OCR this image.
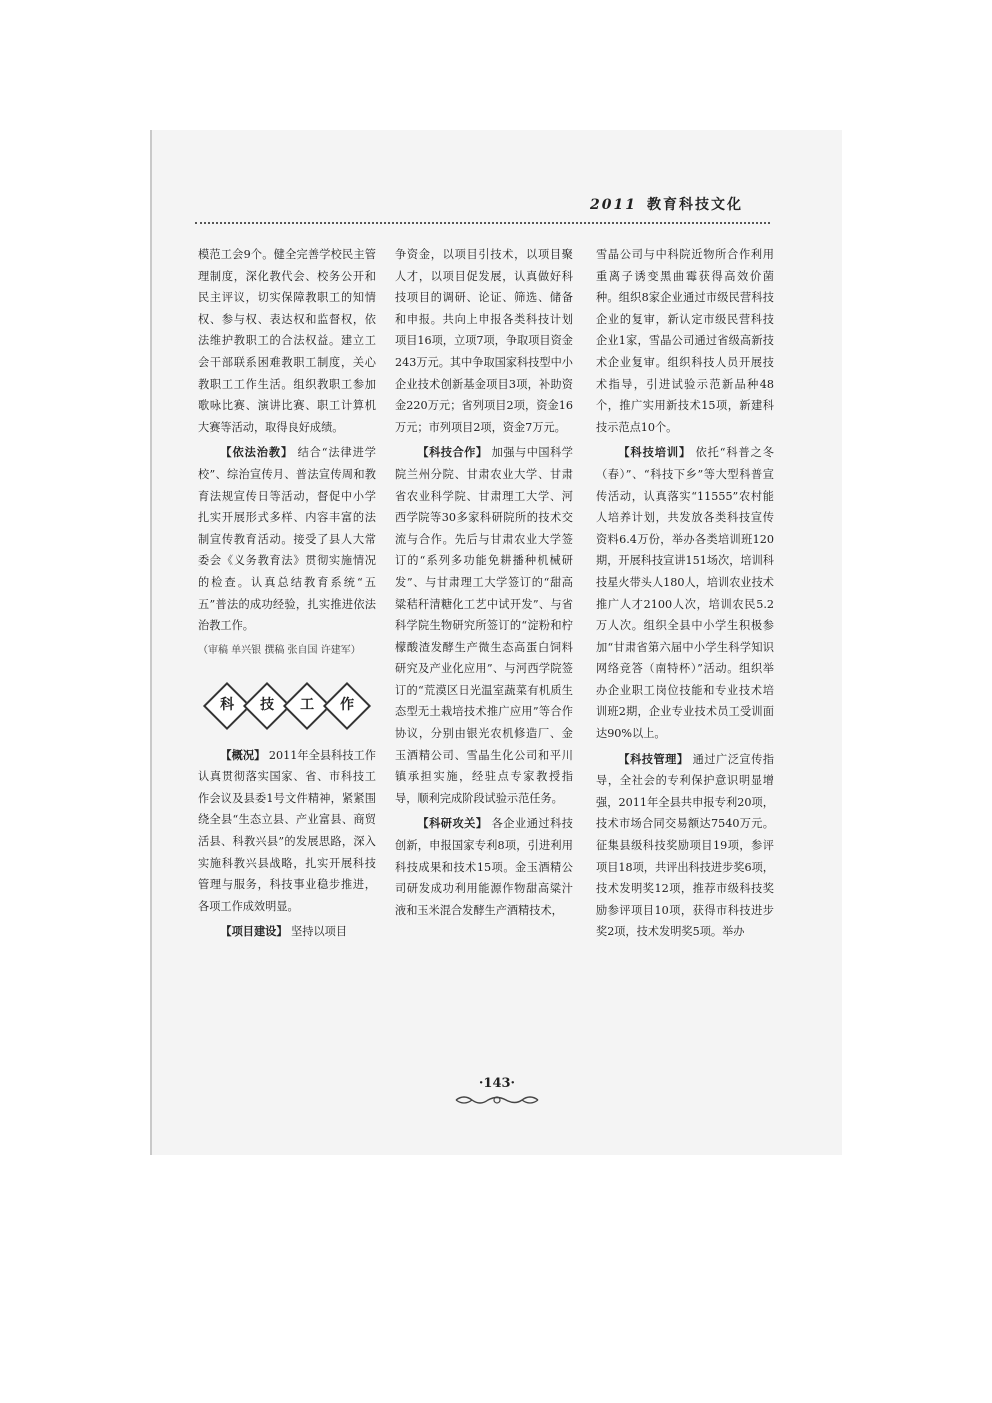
2011 教育科技文化

模范工会9个。健全完善学校民主管理制度，深化教代会、校务公开和民主评议，切实保障教职工的知情权、参与权、表达权和监督权，依法维护教职工的合法权益。建立工会干部联系困难教职工制度，关心教职工工作生活。组织教职工参加歌咏比赛、演讲比赛、职工计算机大赛等活动，取得良好成绩。

【依法治教】 结合“法律进学校”、综治宣传月、普法宣传周和教育法规宣传日等活动，督促中小学扎实开展形式多样、内容丰富的法制宣传教育活动。接受了县人大常委会《义务教育法》贯彻实施情况的检查。认真总结教育系统“五五”普法的成功经验，扎实推进依法治教工作。

（审稿 单兴银 撰稿 张自国 许建军）
科 技 工 作

【概况】 2011年全县科技工作认真贯彻落实国家、省、市科技工作会议及县委1号文件精神，紧紧围绕全县“生态立县、产业富县、商贸活县、科教兴县”的发展思路，深入实施科教兴县战略，扎实开展科技管理与服务，科技事业稳步推进，各项工作成效明显。

【项目建设】 坚持以项目

争资金，以项目引技术，以项目聚人才，以项目促发展，认真做好科技项目的调研、论证、筛选、储备和申报。共向上申报各类科技计划项目16项，立项7项，争取项目资金243万元。其中争取国家科技型中小企业技术创新基金项目3项，补助资金220万元；省列项目2项，资金16万元；市列项目2项，资金7万元。

【科技合作】 加强与中国科学院兰州分院、甘肃农业大学、甘肃省农业科学院、甘肃理工大学、河西学院等30多家科研院所的技术交流与合作。先后与甘肃农业大学签订的“系列多功能免耕播种机械研发”、与甘肃理工大学签订的“甜高粱秸秆清糖化工艺中试开发”、与省科学院生物研究所签订的“淀粉和柠檬酸渣发酵生产微生态高蛋白饲料研究及产业化应用”、与河西学院签订的“荒漠区日光温室蔬菜有机质生态型无土栽培技术推广应用”等合作协议，分别由银光农机修造厂、金玉酒精公司、雪晶生化公司和平川镇承担实施，经驻点专家教授指导，顺利完成阶段试验示范任务。

【科研攻关】 各企业通过科技创新，申报国家专利8项，引进利用科技成果和技术15项。金玉酒精公司研发成功利用能源作物甜高粱汁液和玉米混合发酵生产酒精技术，

雪晶公司与中科院近物所合作利用重离子诱变黑曲霉获得高效价菌种。组织8家企业通过市级民营科技企业的复审，新认定市级民营科技企业1家，雪晶公司通过省级高新技术企业复审。组织科技人员开展技术指导，引进试验示范新品种48个，推广实用新技术15项，新建科技示范点10个。

【科技培训】 依托“科普之冬（春）”、“科技下乡”等大型科普宣传活动，认真落实“11555”农村能人培养计划，共发放各类科技宣传资料6.4万份，举办各类培训班120期，开展科技宣讲151场次，培训科技星火带头人180人，培训农业技术推广人才2100人次，培训农民5.2万人次。组织全县中小学生积极参加“甘肃省第六届中小学生科学知识网络竞答（南特杯）”活动。组织举办企业职工岗位技能和专业技术培训班2期，企业专业技术员工受训面达90%以上。

【科技管理】 通过广泛宣传指导，全社会的专利保护意识明显增强，2011年全县共申报专利20项，技术市场合同交易额达7540万元。征集县级科技奖励项目19项，参评项目18项，共评出科技进步奖6项，技术发明奖12项，推荐市级科技奖励参评项目10项，获得市科技进步奖2项，技术发明奖5项。举办

·143·
